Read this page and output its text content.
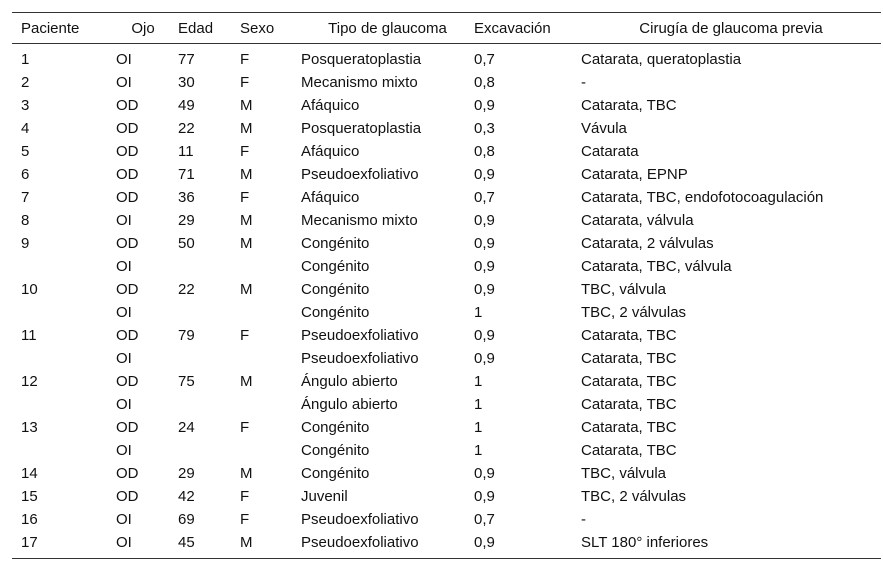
Paciente	Ojo	Edad	Sexo	Tipo de glaucoma	Excavación	Cirugía de glaucoma previa
1	OI	77	F	Posqueratoplastia	0,7	Catarata, queratoplastia
2	OI	30	F	Mecanismo mixto	0,8	-
3	OD	49	M	Afáquico	0,9	Catarata, TBC
4	OD	22	M	Posqueratoplastia	0,3	Vávula
5	OD	11	F	Afáquico	0,8	Catarata
6	OD	71	M	Pseudoexfoliativo	0,9	Catarata, EPNP
7	OD	36	F	Afáquico	0,7	Catarata, TBC, endofotocoagulación
8	OI	29	M	Mecanismo mixto	0,9	Catarata, válvula
9	OD	50	M	Congénito	0,9	Catarata, 2 válvulas
	OI			Congénito	0,9	Catarata, TBC, válvula
10	OD	22	M	Congénito	0,9	TBC, válvula
	OI			Congénito	1	TBC, 2 válvulas
11	OD	79	F	Pseudoexfoliativo	0,9	Catarata, TBC
	OI			Pseudoexfoliativo	0,9	Catarata, TBC
12	OD	75	M	Ángulo abierto	1	Catarata, TBC
	OI			Ángulo abierto	1	Catarata, TBC
13	OD	24	F	Congénito	1	Catarata, TBC
	OI			Congénito	1	Catarata, TBC
14	OD	29	M	Congénito	0,9	TBC, válvula
15	OD	42	F	Juvenil	0,9	TBC, 2 válvulas
16	OI	69	F	Pseudoexfoliativo	0,7	-
17	OI	45	M	Pseudoexfoliativo	0,9	SLT 180° inferiores
